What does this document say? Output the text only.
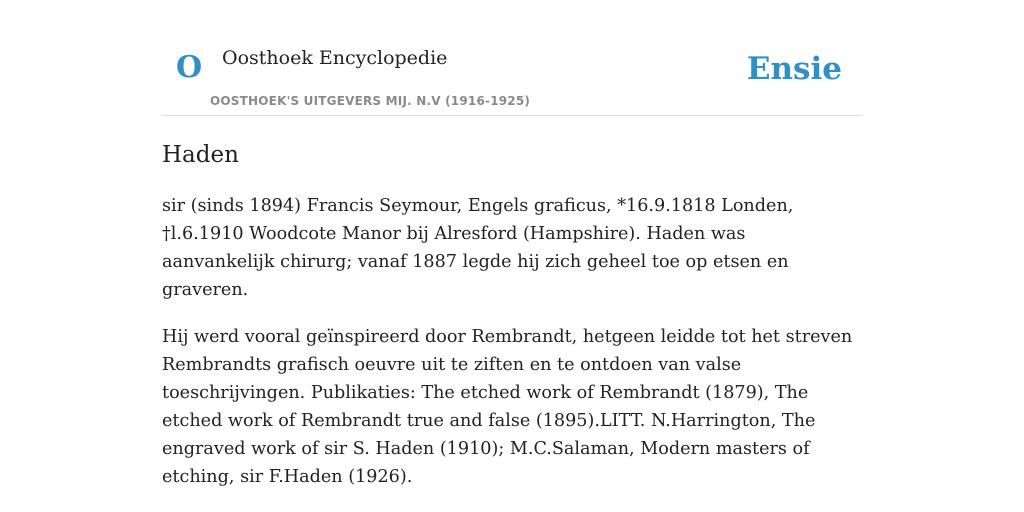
O Oosthoek Encyclopedie
OOSTHOEK'S UITGEVERS MIJ. N.V (1916-1925)
Ensie
Haden

sir (sinds 1894) Francis Seymour, Engels graficus, *16.9.1818 Londen, †l.6.1910 Woodcote Manor bij Alresford (Hampshire). Haden was aanvankelijk chirurg; vanaf 1887 legde hij zich geheel toe op etsen en graveren.

Hij werd vooral geïnspireerd door Rembrandt, hetgeen leidde tot het streven Rembrandts grafisch oeuvre uit te ziften en te ontdoen van valse toeschrijvingen. Publikaties: The etched work of Rembrandt (1879), The etched work of Rembrandt true and false (1895).LITT. N.Harrington, The engraved work of sir S. Haden (1910); M.C.Salaman, Modern masters of etching, sir F.Haden (1926).
